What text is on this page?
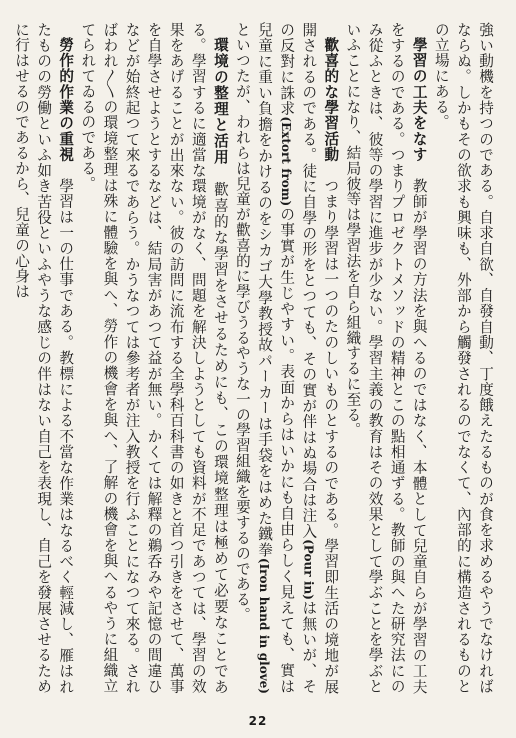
強い動機を持つのである。自求自欲、自發自動、丁度餓えたるものが食を求めるやうでなければならぬ。しかもその欲求も興味も、外部から觸發されるのでなくて、內部的に構造されるものとの立場にある。

學習の工夫をなす　教師が學習の方法を與へるのではなく、本體として兒童自らが學習の工夫をするのである。つまりプロゼクトメソッドの精神とこの點相通ずる。教師の與へた研究法にのみ從ふときは、彼等の學習に進步が少ない。學習主義の教育はその效果として學ぶことを學ぶといふことになり、結局彼等は學習法を自ら組織するに至る。

歡喜的な學習活動　つまり學習は一つのたのしいものとするのである。學習即生活の境地が展開されるのである。徒に自學の形をとつても、その實が伴はぬ場合は注入(Pour in)は無いが、その反對に誅求(Extort from)の事實が生じやすい。表面からはいかにも自由らしく見えても、實は兒童に重い負擔をかけるのをシカゴ大學教授故パーカーは手袋をはめた鐵拳(Iron hand in glove)といつたが、われらは兒童が歡喜的に學びうるやうな一の學習組織を要するのである。

環境の整理と活用　歡喜的な學習をさせるためにも、この環境整理は極めて必要なことである。學習するに適當な環境がなく、問題を解決しようとしても資料が不足であつては、學習の效果をあげることが出來ない。彼の訪問に流布する全學科百科書の如きと首つ引きをさせて、萬事を自學させようとするなどは、結局害があつて益が無い。かくては解釋の鵜呑みや記憶の間違ひなどが始終起つて來るであらう。かうなつては參考者が注入教授を行ふことになつて來る。さればわれ〳〵の環境整理は殊に體驗を與へ、勞作の機會を與へ、了解の機會を與へるやうに組織立てられてゐるのである。

勞作的作業の重視　學習は一の仕事である。教標による不當な作業はなるべく輕減し、雁はれたものの勞働といふ如き苦役といふやうな感じの伴はない自己を表現し、自己を發展させるために行はせるのであるから、兒童の心身は

22
